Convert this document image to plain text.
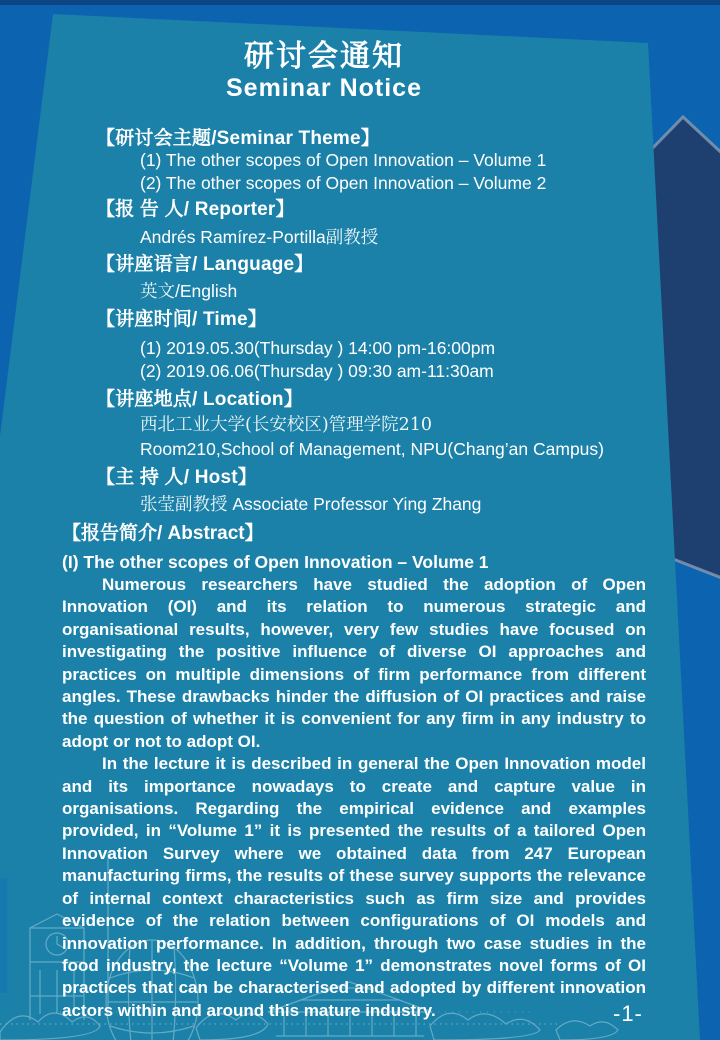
研讨会通知
Seminar Notice
【研讨会主题/Seminar Theme】
(1) The other scopes of Open Innovation – Volume 1
(2) The other scopes of Open Innovation – Volume 2
【报 告 人/ Reporter】
Andrés Ramírez-Portilla副教授
【讲座语言/ Language】
英文/English
【讲座时间/ Time】
(1) 2019.05.30(Thursday ) 14:00 pm-16:00pm
(2) 2019.06.06(Thursday ) 09:30 am-11:30am
【讲座地点/ Location】
西北工业大学(长安校区)管理学院210
Room210,School of Management, NPU(Chang’an Campus)
【主 持 人/ Host】
张莹副教授 Associate Professor Ying Zhang
【报告简介/ Abstract】
(I) The other scopes of Open Innovation – Volume 1

Numerous researchers have studied the adoption of Open Innovation (OI) and its relation to numerous strategic and organisational results, however, very few studies have focused on investigating the positive influence of diverse OI approaches and practices on multiple dimensions of firm performance from different angles. These drawbacks hinder the diffusion of OI practices and raise the question of whether it is convenient for any firm in any industry to adopt or not to adopt OI.

In the lecture it is described in general the Open Innovation model and its importance nowadays to create and capture value in organisations. Regarding the empirical evidence and examples provided, in “Volume 1” it is presented the results of a tailored Open Innovation Survey where we obtained data from 247 European manufacturing firms, the results of these survey supports the relevance of internal context characteristics such as firm size and provides evidence of the relation between configurations of OI models and innovation performance. In addition, through two case studies in the food industry, the lecture “Volume 1” demonstrates novel forms of OI practices that can be characterised and adopted by different innovation actors within and around this mature industry.	-1-
